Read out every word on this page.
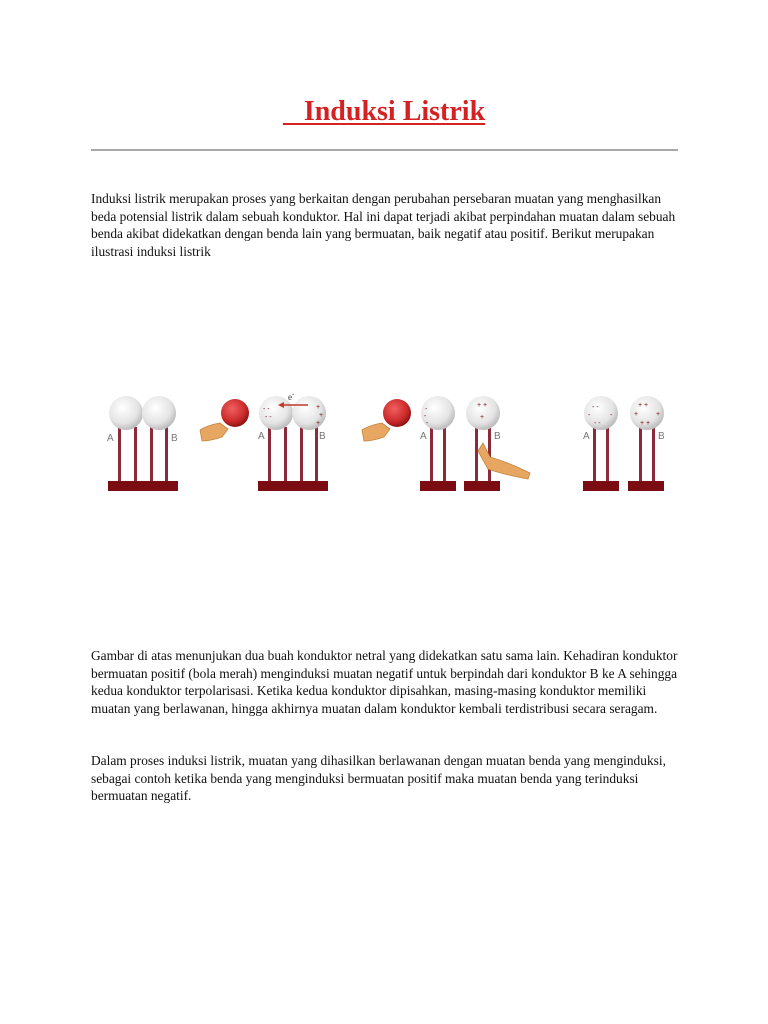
Induksi Listrik

Induksi listrik merupakan proses yang berkaitan dengan perubahan persebaran muatan yang menghasilkan beda potensial listrik dalam sebuah konduktor. Hal ini dapat terjadi akibat perpindahan muatan dalam sebuah benda akibat didekatkan dengan benda lain yang bermuatan, baik negatif atau positif. Berikut merupakan ilustrasi induksi listrik

A	B
- -
- -
+
+
+
e-
A	B
-
-
-
+ +
+
A	B
- -
-	-
- -
+ +
+	+
+ +
A	B

Gambar di atas menunjukan dua buah konduktor netral yang didekatkan satu sama lain. Kehadiran konduktor bermuatan positif (bola merah) menginduksi muatan negatif untuk berpindah dari konduktor B ke A sehingga kedua konduktor terpolarisasi. Ketika kedua konduktor dipisahkan, masing-masing konduktor memiliki muatan yang berlawanan, hingga akhirnya muatan dalam konduktor kembali terdistribusi secara seragam.

Dalam proses induksi listrik, muatan yang dihasilkan berlawanan dengan muatan benda yang menginduksi, sebagai contoh ketika benda yang menginduksi bermuatan positif maka muatan benda yang terinduksi bermuatan negatif.
